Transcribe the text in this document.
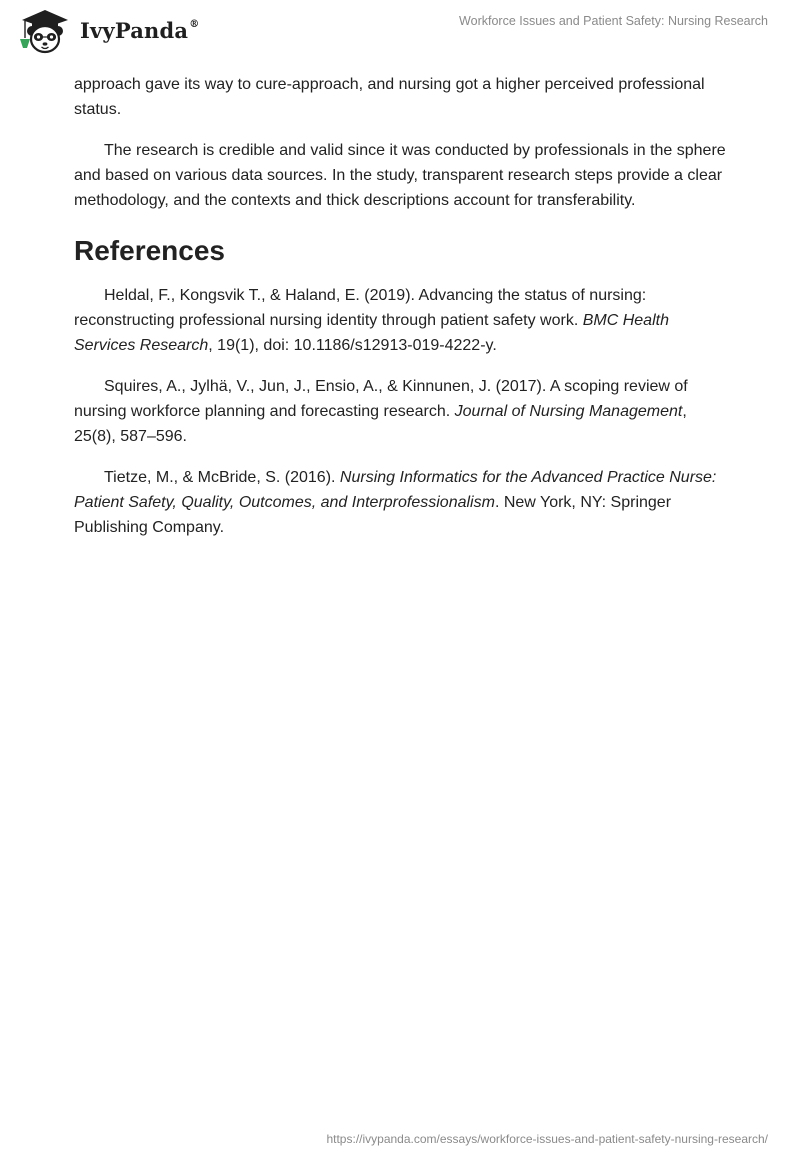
IvyPanda®	Workforce Issues and Patient Safety: Nursing Research

approach gave its way to cure-approach, and nursing got a higher perceived professional status.

The research is credible and valid since it was conducted by professionals in the sphere and based on various data sources. In the study, transparent research steps provide a clear methodology, and the contexts and thick descriptions account for transferability.

References

Heldal, F., Kongsvik T., & Haland, E. (2019). Advancing the status of nursing: reconstructing professional nursing identity through patient safety work. BMC Health Services Research, 19(1), doi: 10.1186/s12913-019-4222-y.

Squires, A., Jylhä, V., Jun, J., Ensio, A., & Kinnunen, J. (2017). A scoping review of nursing workforce planning and forecasting research. Journal of Nursing Management, 25(8), 587–596.

Tietze, M., & McBride, S. (2016). Nursing Informatics for the Advanced Practice Nurse: Patient Safety, Quality, Outcomes, and Interprofessionalism. New York, NY: Springer Publishing Company.

https://ivypanda.com/essays/workforce-issues-and-patient-safety-nursing-research/
